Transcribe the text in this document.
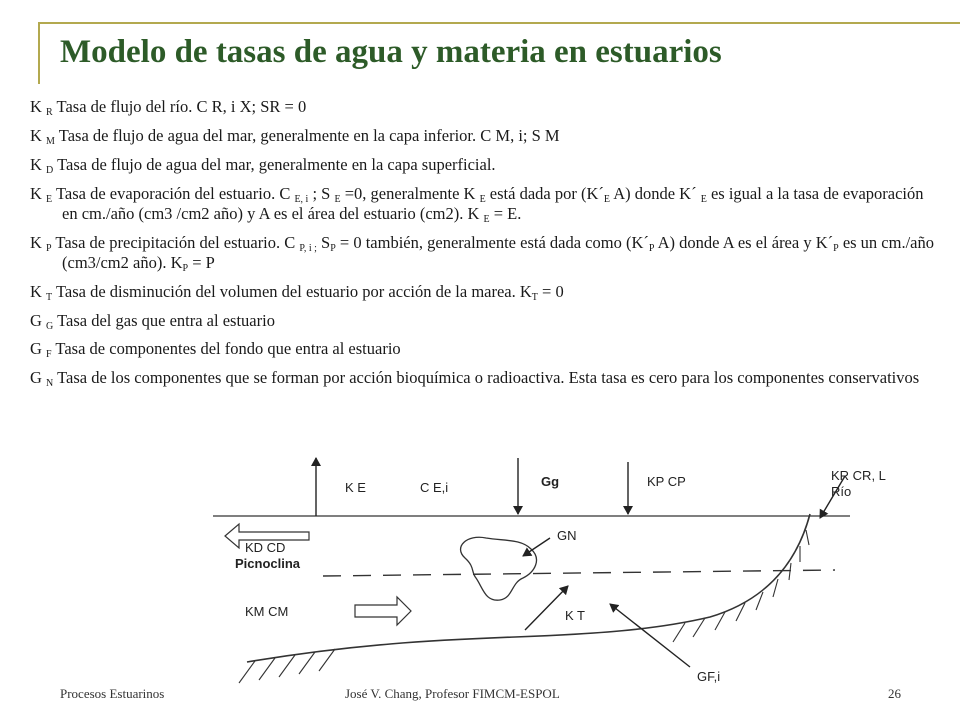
Modelo de tasas de agua y materia en estuarios

K $_R$ Tasa de flujo del río. C R, i X; SR = 0

K $_M$ Tasa de flujo de agua del mar, generalmente en la capa inferior. C M, i; S M

K $_D$ Tasa de flujo de agua del mar, generalmente en la capa superficial.

K $_E$ Tasa de evaporación del estuario. C $_{E, i}$ ; S $_E$ =0, generalmente K $_E$ está dada por ($K´_E$ A) donde K´ $_E$ es igual a la tasa de evaporación en cm./año (cm3 /cm2 año) y A es el área del estuario (cm2). K $_E$ = E.

K $_P$ Tasa de precipitación del estuario. C $_{P, i ;}$ $S_P = 0$ también, generalmente está dada como ($K´_P$ A) donde A es el área y $K´_P$ es un cm./año (cm3/cm2 año). $K_P = P$

K $_T$ Tasa de disminución del volumen del estuario por acción de la marea. $K_T = 0$

G $_G$ Tasa del gas que entra al estuario

G $_F$ Tasa de componentes del fondo que entra al estuario

G $_N$ Tasa de los componentes que se forman por acción bioquímica o radioactiva. Esta tasa es cero para los componentes conservativos

K E	C E,i	Gg	KP CP	KR CR, L
Río
GN
KD CD
Picnoclina
KM CM	K T
GF,i
Procesos Estuarinos	José V. Chang, Profesor FIMCM-ESPOL	26
